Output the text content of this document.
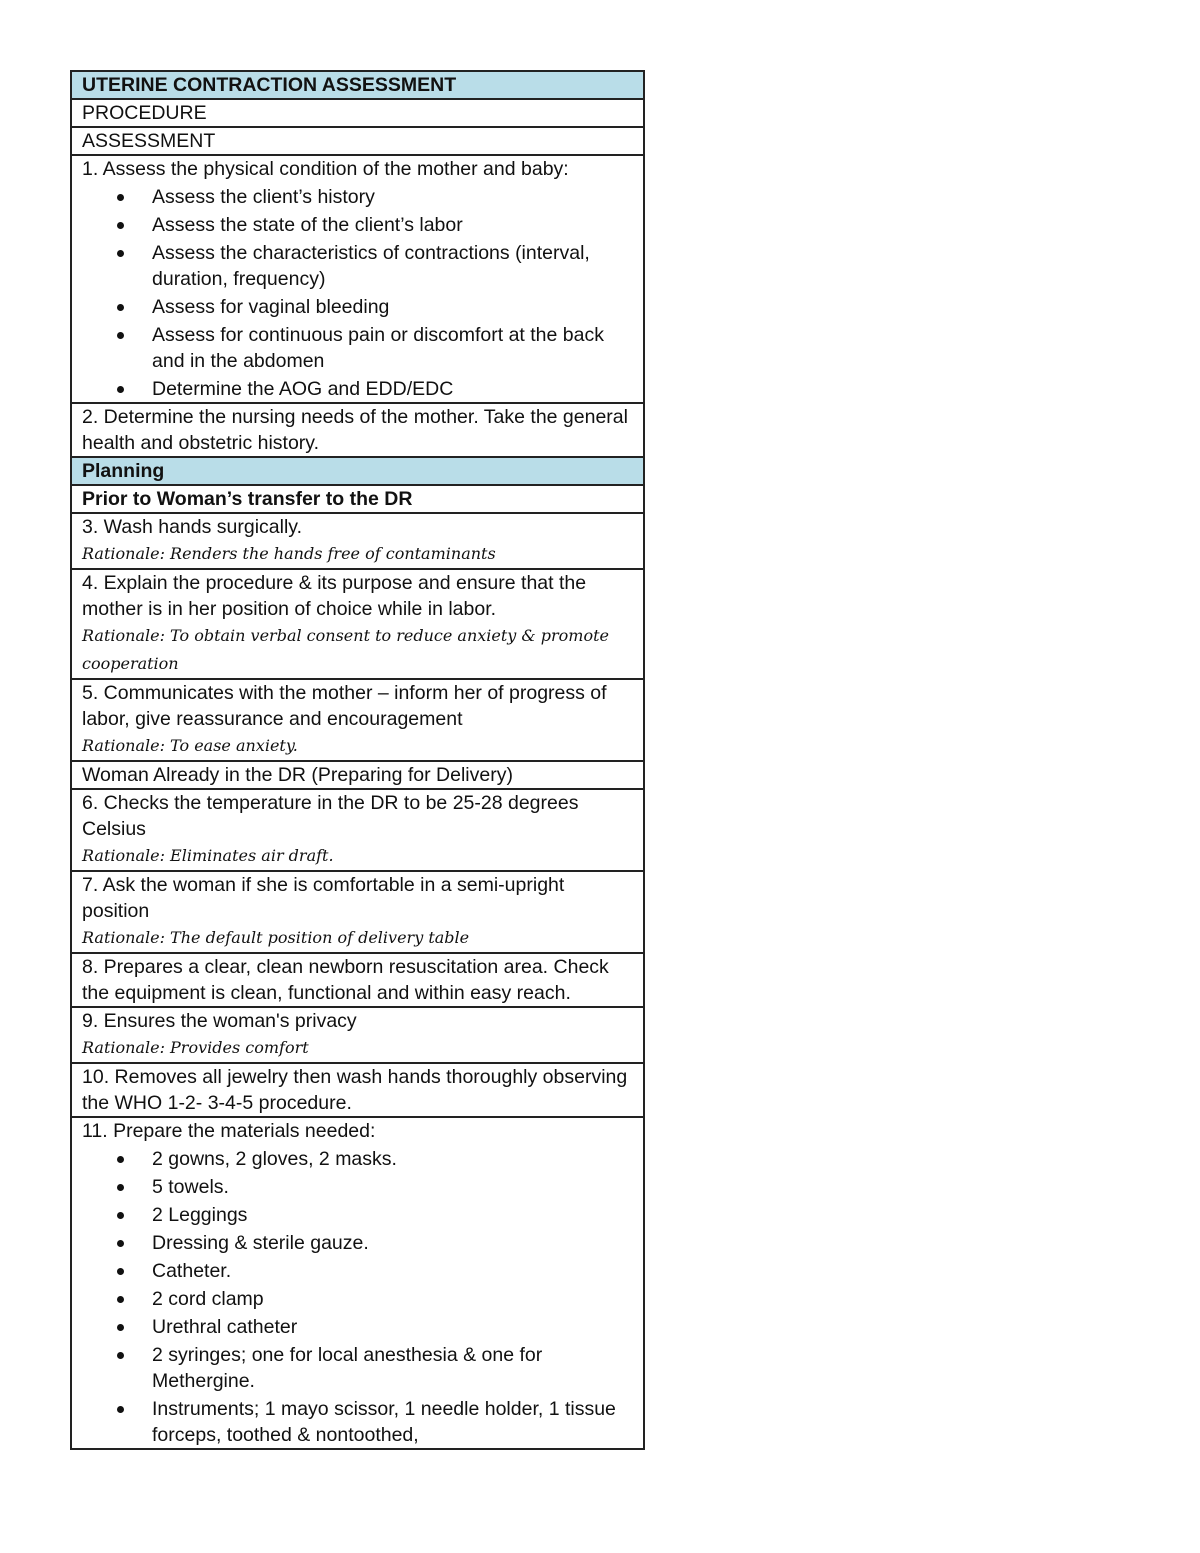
UTERINE CONTRACTION ASSESSMENT
PROCEDURE
ASSESSMENT

1. Assess the physical condition of the mother and baby:
Assess the client’s history
Assess the state of the client’s labor
Assess the characteristics of contractions (interval, duration, frequency)
Assess for vaginal bleeding
Assess for continuous pain or discomfort at the back and in the abdomen
Determine the AOG and EDD/EDC

2. Determine the nursing needs of the mother. Take the general health and obstetric history.
Planning
Prior to Woman’s transfer to the DR

3. Wash hands surgically.
Rationale: Renders the hands free of contaminants

4. Explain the procedure & its purpose and ensure that the mother is in her position of choice while in labor.
Rationale: To obtain verbal consent to reduce anxiety & promote cooperation

5. Communicates with the mother – inform her of progress of labor, give reassurance and encouragement
Rationale: To ease anxiety.

Woman Already in the DR (Preparing for Delivery)

6. Checks the temperature in the DR to be 25-28 degrees Celsius
Rationale: Eliminates air draft.

7. Ask the woman if she is comfortable in a semi-upright position
Rationale: The default position of delivery table

8. Prepares a clear, clean newborn resuscitation area. Check the equipment is clean, functional and within easy reach.

9. Ensures the woman's privacy
Rationale: Provides comfort

10. Removes all jewelry then wash hands thoroughly observing the WHO 1-2- 3-4-5 procedure.

11. Prepare the materials needed:
2 gowns, 2 gloves, 2 masks.
5 towels.
2 Leggings
Dressing & sterile gauze.
Catheter.
2 cord clamp
Urethral catheter
2 syringes; one for local anesthesia & one for Methergine.
Instruments; 1 mayo scissor, 1 needle holder, 1 tissue forceps, toothed & nontoothed,
